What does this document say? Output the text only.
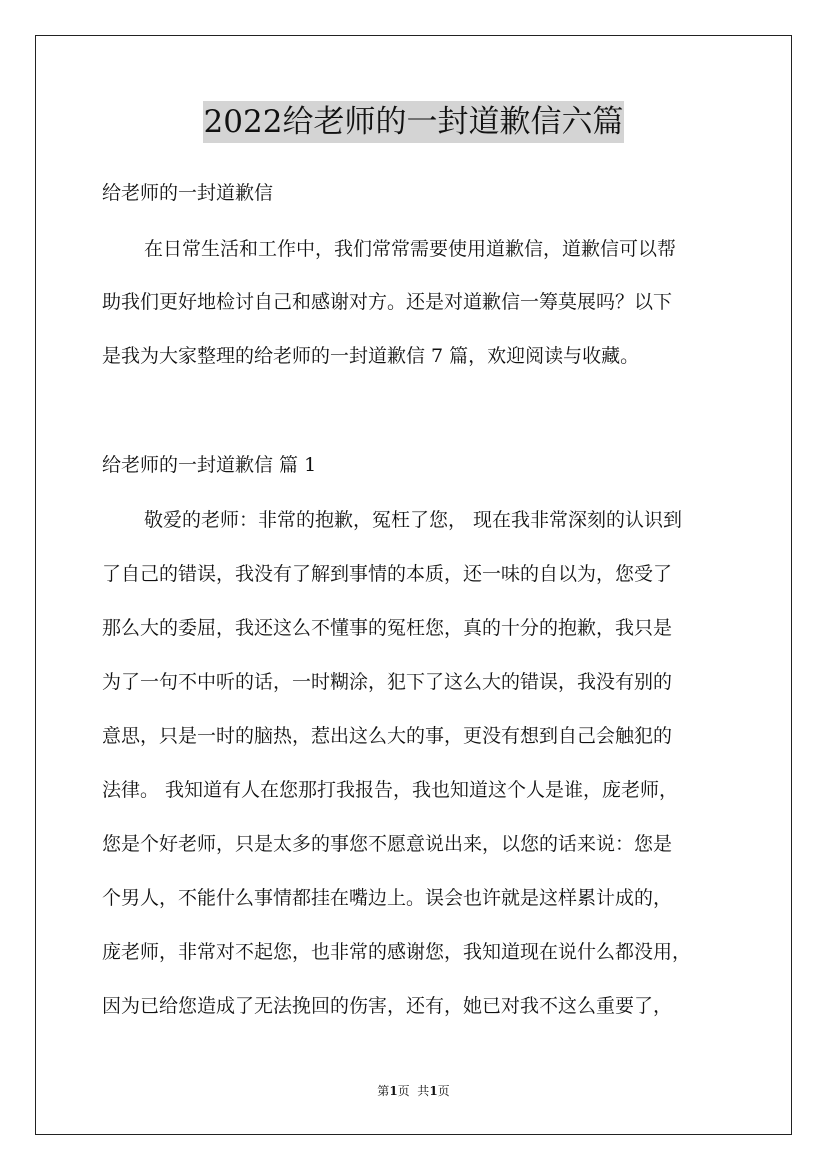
2022给老师的一封道歉信六篇
给老师的一封道歉信
在日常生活和工作中，我们常常需要使用道歉信，道歉信可以帮
助我们更好地检讨自己和感谢对方。还是对道歉信一筹莫展吗？以下
是我为大家整理的给老师的一封道歉信 7 篇，欢迎阅读与收藏。
给老师的一封道歉信 篇 1
敬爱的老师：非常的抱歉，冤枉了您， 现在我非常深刻的认识到
了自己的错误，我没有了解到事情的本质，还一味的自以为，您受了
那么大的委屈，我还这么不懂事的冤枉您，真的十分的抱歉，我只是
为了一句不中听的话，一时糊涂，犯下了这么大的错误，我没有别的
意思，只是一时的脑热，惹出这么大的事，更没有想到自己会触犯的
法律。 我知道有人在您那打我报告，我也知道这个人是谁，庞老师，
您是个好老师，只是太多的事您不愿意说出来，以您的话来说：您是
个男人，不能什么事情都挂在嘴边上。误会也许就是这样累计成的，
庞老师，非常对不起您，也非常的感谢您，我知道现在说什么都没用，
因为已给您造成了无法挽回的伤害，还有，她已对我不这么重要了，
第1页  共1页
